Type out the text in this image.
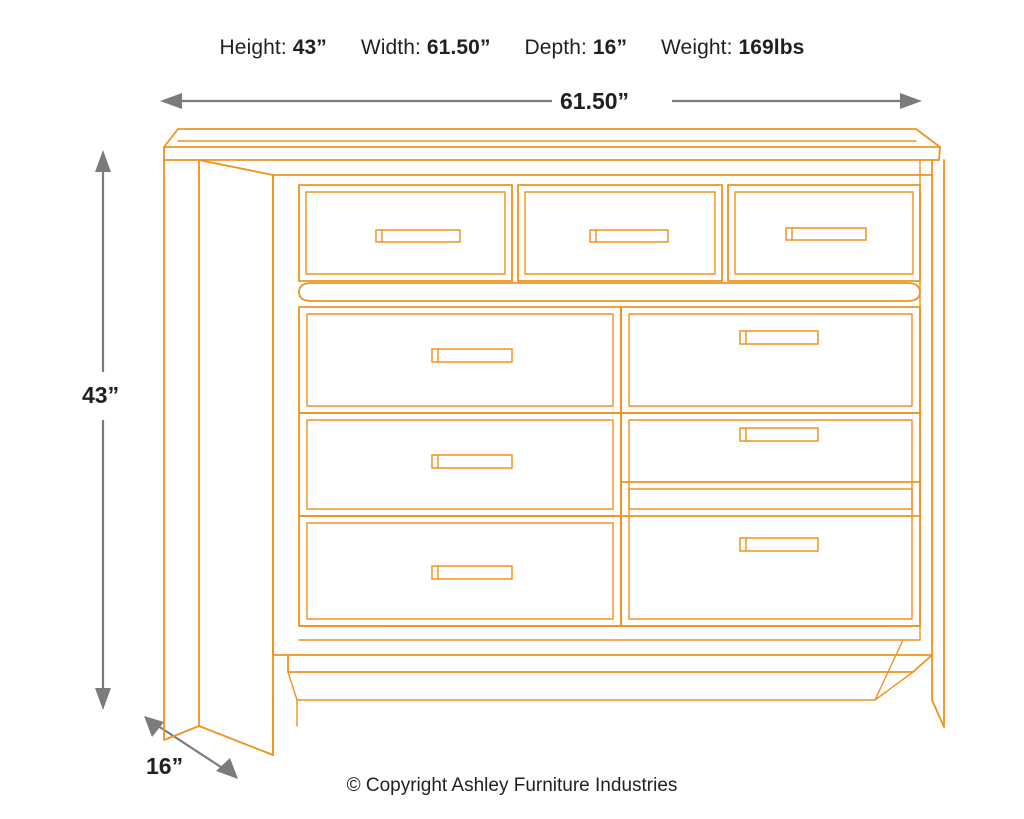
Height: 43” Width: 61.50” Depth: 16” Weight: 169lbs
61.50”
43”
16”
© Copyright Ashley Furniture Industries
